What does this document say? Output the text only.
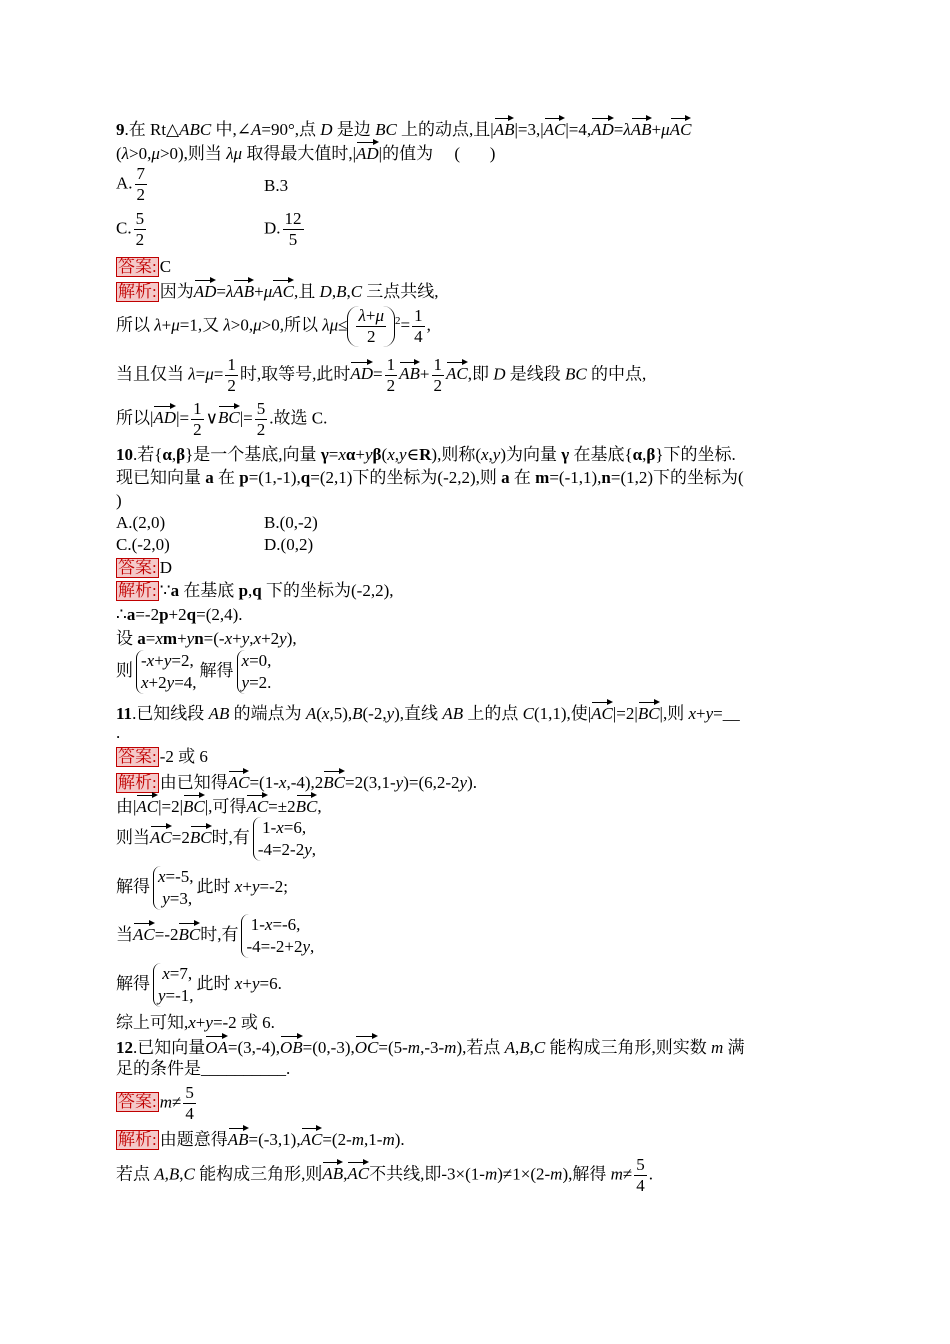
9.在 Rt△ABC 中,∠A=90°,点 D 是边 BC 上的动点,且|AB|=3,|AC|=4,AD=λAB+μAC
(λ>0,μ>0),则当 λμ 取得最大值时,|AD|的值为     (       )
A. $\frac{7}{2}$	B.3
C. $\frac{5}{2}$	D. $\frac{12}{5}$
答案: C
解析: 因为AD=λAB+μAC,且 D,B,C 三点共线,
所以 λ+μ=1,又 λ>0,μ>0,所以 $\lambda\mu\le \frac{\lambda+\mu}{2} ^2= \frac{1}{4}$ ,
当且仅当 $\lambda=\mu= \frac{1}{2}$ 时,取等号,此时$AD= \frac{1}{2} AB+ \frac{1}{2}$ AC,即 D 是线段 BC 的中点,
所以$|AD|= \frac{1}{2}$ ∨BC|= $\frac{5}{2}$ .故选 C.
10.若{α,β}是一个基底,向量 γ=xα+yβ(x,y∈R),则称(x,y)为向量 γ 在基底{α,β}下的坐标.
现已知向量 a 在 p=(1,-1),q=(2,1)下的坐标为(-2,2),则 a 在 m=(-1,1),n=(1,2)下的坐标为(
)
A.(2,0)	B.(0,-2)
C.(-2,0)	D.(0,2)
答案: D
解析: ∵a 在基底 p,q 下的坐标为(-2,2),
∴a=-2p+2q=(2,4).
设 a=xm+yn=(-x+y,x+2y),
则
-x+y=2,
x+2y=4,
解得
x=0,
y=2.
11.已知线段 AB 的端点为 A(x,5),B(-2,y),直线 AB 上的点 C(1,1),使|AC|=2|BC|,则 x+y=__
.
答案: -2 或 6
解析: 由已知得AC=(1-x,-4),2BC=2(3,1-y)=(6,2-2y).
由|AC|=2|BC|,可得AC=±2BC,
则当AC=2BC时,有
1-x=6,
-4=2-2y,
解得
x=-5,
y=3,
此时 x+y=-2;
当AC=-2BC时,有
1-x=-6,
-4=-2+2y,
解得
x=7,
y=-1,
此时 x+y=6.
综上可知,x+y=-2 或 6.
12.已知向量OA=(3,-4),OB=(0,-3),OC=(5-m,-3-m),若点 A,B,C 能构成三角形,则实数 m 满
足的条件是__________.
答案: $m\ne \frac{5}{4}$
解析: 由题意得AB=(-3,1),AC=(2-m,1-m).
若点 A,B,C 能构成三角形,则AB,AC不共线,即-3×(1-m)≠1×(2-m),解得 $m\ne \frac{5}{4}$ .
